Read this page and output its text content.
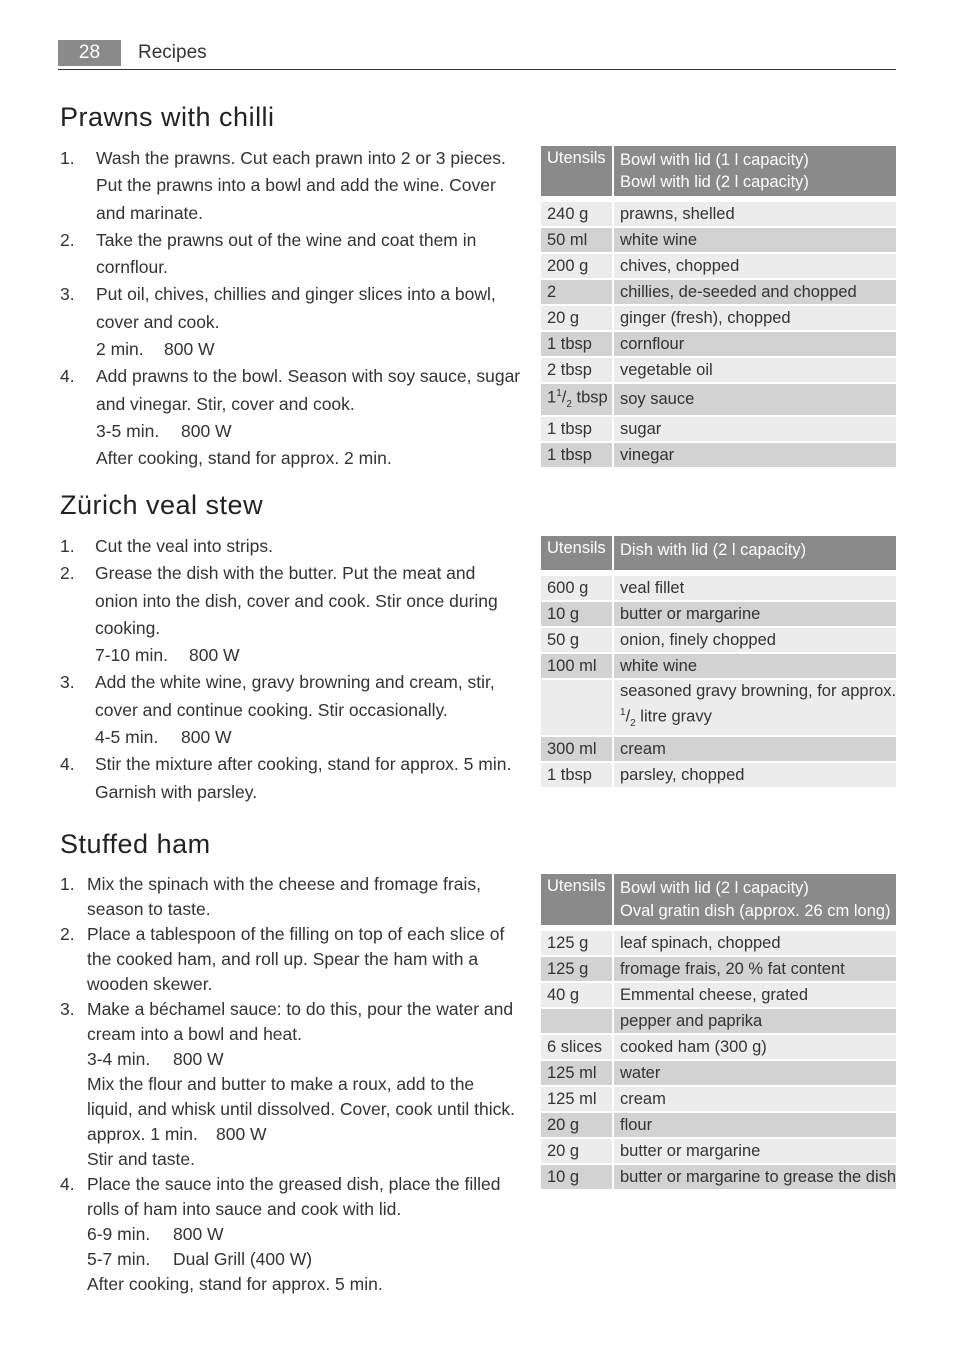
28	Recipes
Prawns with chilli
1. Wash the prawns. Cut each prawn into 2 or 3 pieces.
Put the prawns into a bowl and add the wine. Cover
and marinate.
2. Take the prawns out of the wine and coat them in
cornflour.
3. Put oil, chives, chillies and ginger slices into a bowl,
cover and cook.
2 min. 800 W
4. Add prawns to the bowl. Season with soy sauce, sugar
and vinegar. Stir, cover and cook.
3-5 min. 800 W
After cooking, stand for approx. 2 min.
Utensils	Bowl with lid (1 l capacity)
Bowl with lid (2 l capacity)

240 g	prawns, shelled
50 ml	white wine
200 g	chives, chopped
2	chillies, de-seeded and chopped
20 g	ginger (fresh), chopped
1 tbsp	cornflour
2 tbsp	vegetable oil
$1^1/_2$ tbsp	soy sauce
1 tbsp	sugar
1 tbsp	vinegar
Zürich veal stew
1. Cut the veal into strips.
2. Grease the dish with the butter. Put the meat and
onion into the dish, cover and cook. Stir once during
cooking.
7-10 min. 800 W
3. Add the white wine, gravy browning and cream, stir,
cover and continue cooking. Stir occasionally.
4-5 min. 800 W
4. Stir the mixture after cooking, stand for approx. 5 min.
Garnish with parsley.
Utensils	Dish with lid (2 l capacity)

600 g	veal fillet
10 g	butter or margarine
50 g	onion, finely chopped
100 ml	white wine

	seasoned gravy browning, for approx.
$^1/_2$ litre gravy

300 ml	cream
1 tbsp	parsley, chopped
Stuffed ham
1. Mix the spinach with the cheese and fromage frais,
season to taste.
2. Place a tablespoon of the filling on top of each slice of
the cooked ham, and roll up. Spear the ham with a
wooden skewer.
3. Make a béchamel sauce: to do this, pour the water and
cream into a bowl and heat.
3-4 min. 800 W
Mix the flour and butter to make a roux, add to the
liquid, and whisk until dissolved. Cover, cook until thick.
approx. 1 min. 800 W
Stir and taste.
4. Place the sauce into the greased dish, place the filled
rolls of ham into sauce and cook with lid.
6-9 min. 800 W
5-7 min. Dual Grill (400 W)
After cooking, stand for approx. 5 min.
Utensils	Bowl with lid (2 l capacity)
Oval gratin dish (approx. 26 cm long)

125 g	leaf spinach, chopped
125 g	fromage frais, 20 % fat content
40 g	Emmental cheese, grated
	pepper and paprika
6 slices	cooked ham (300 g)
125 ml	water
125 ml	cream
20 g	flour
20 g	butter or margarine
10 g	butter or margarine to grease the dish
